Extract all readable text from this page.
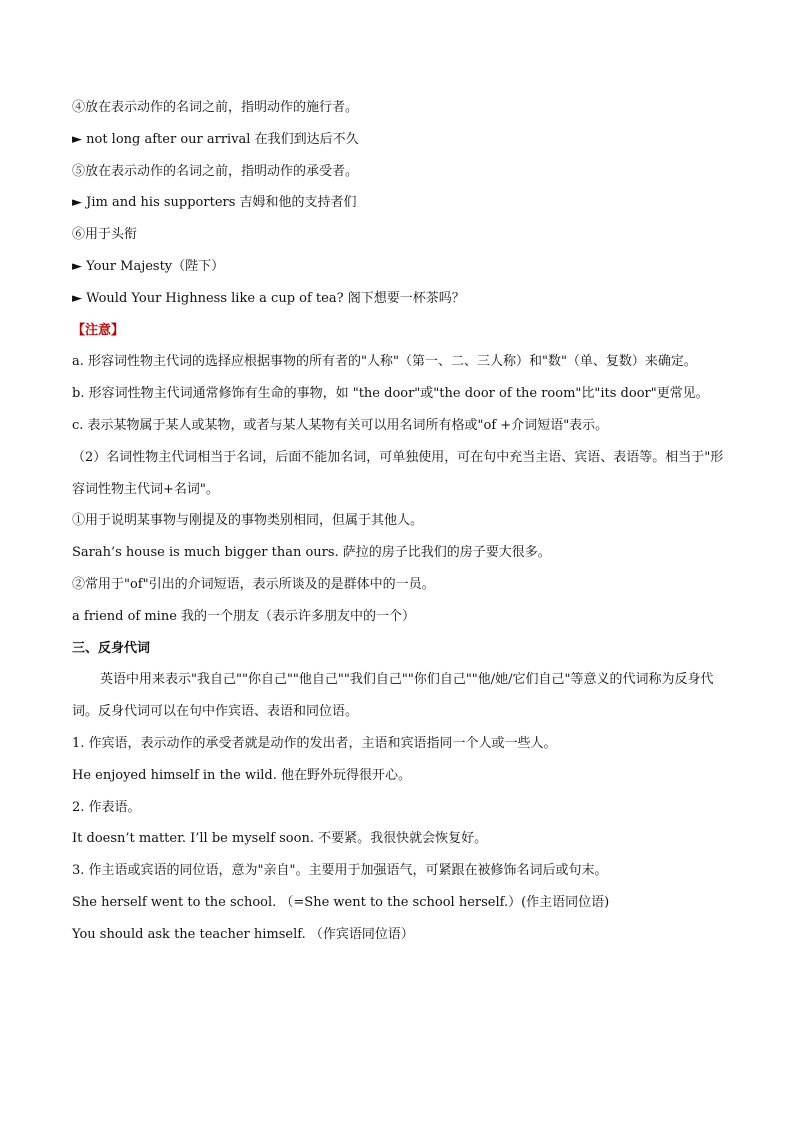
④放在表示动作的名词之前，指明动作的施行者。
► not long after our arrival 在我们到达后不久
⑤放在表示动作的名词之前，指明动作的承受者。
► Jim and his supporters 吉姆和他的支持者们
⑥用于头衔
► Your Majesty（陛下）
► Would Your Highness like a cup of tea? 阁下想要一杯茶吗？
【注意】
a. 形容词性物主代词的选择应根据事物的所有者的"人称"（第一、二、三人称）和"数"（单、复数）来确定。
b. 形容词性物主代词通常修饰有生命的事物，如 "the door"或"the door of the room"比"its door"更常见。
c. 表示某物属于某人或某物，或者与某人某物有关可以用名词所有格或"of +介词短语"表示。
（2）名词性物主代词相当于名词，后面不能加名词，可单独使用，可在句中充当主语、宾语、表语等。相当于"形容词性物主代词+名词"。
①用于说明某事物与刚提及的事物类别相同，但属于其他人。
Sarah’s house is much bigger than ours. 萨拉的房子比我们的房子要大很多。
②常用于"of"引出的介词短语，表示所谈及的是群体中的一员。
a friend of mine 我的一个朋友（表示许多朋友中的一个）
三、反身代词
英语中用来表示"我自己""你自己""他自己""我们自己""你们自己""他/她/它们自己"等意义的代词称为反身代词。反身代词可以在句中作宾语、表语和同位语。
1. 作宾语，表示动作的承受者就是动作的发出者，主语和宾语指同一个人或一些人。
He enjoyed himself in the wild. 他在野外玩得很开心。
2. 作表语。
It doesn’t matter. I’ll be myself soon. 不要紧。我很快就会恢复好。
3. 作主语或宾语的同位语，意为"亲自"。主要用于加强语气，可紧跟在被修饰名词后或句末。
She herself went to the school. （=She went to the school herself.）(作主语同位语)
You should ask the teacher himself. （作宾语同位语）
